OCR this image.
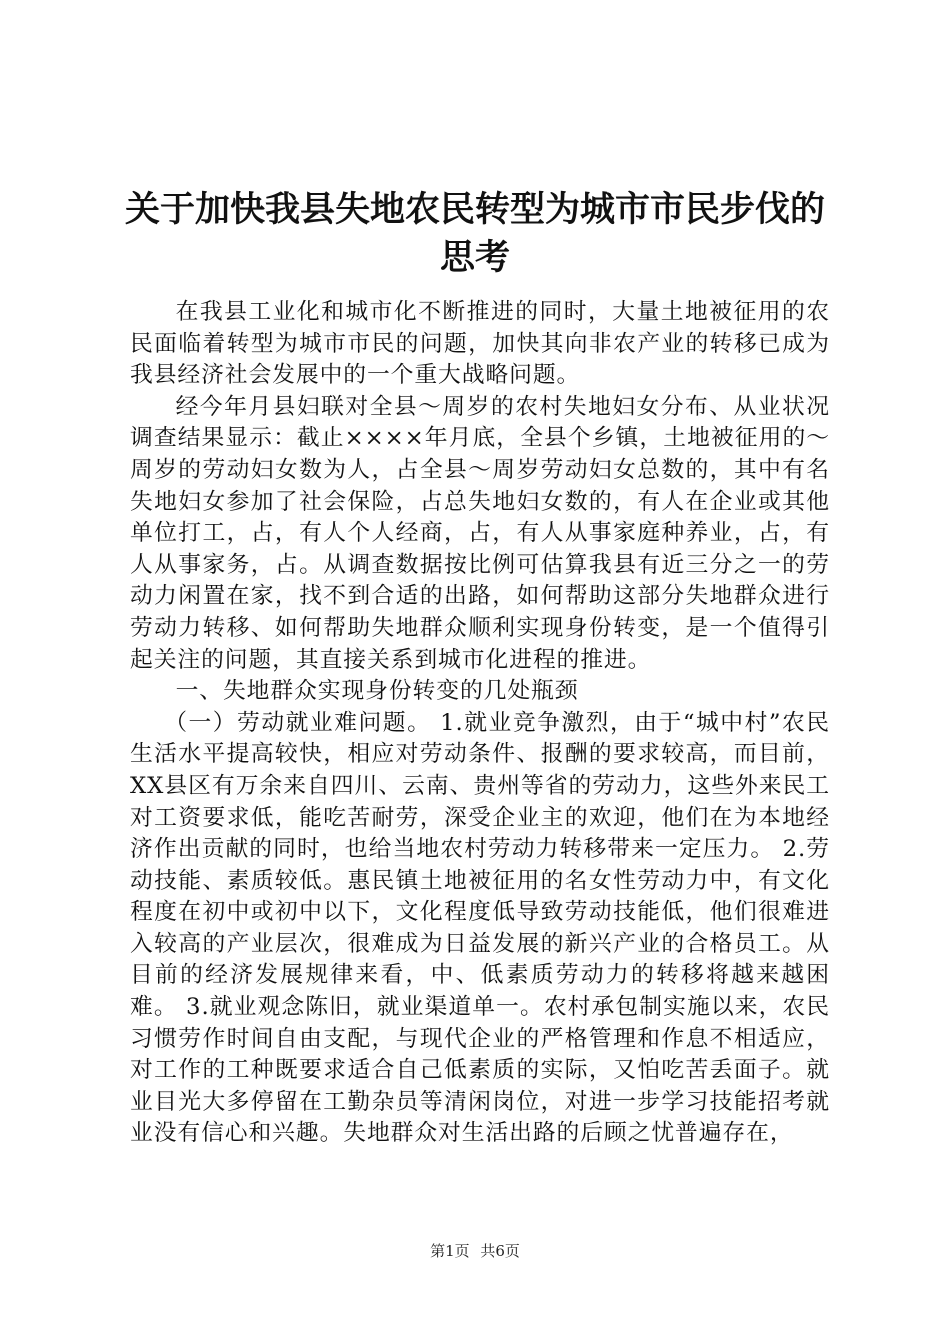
关于加快我县失地农民转型为城市市民步伐的
思考

在我县工业化和城市化不断推进的同时，大量土地被征用的农民面临着转型为城市市民的问题，加快其向非农产业的转移已成为我县经济社会发展中的一个重大战略问题。

经今年月县妇联对全县～周岁的农村失地妇女分布、从业状况调查结果显示：截止××××年月底，全县个乡镇，土地被征用的～周岁的劳动妇女数为人，占全县～周岁劳动妇女总数的，其中有名失地妇女参加了社会保险，占总失地妇女数的，有人在企业或其他单位打工，占，有人个人经商，占，有人从事家庭种养业，占，有人从事家务，占。从调查数据按比例可估算我县有近三分之一的劳动力闲置在家，找不到合适的出路，如何帮助这部分失地群众进行劳动力转移、如何帮助失地群众顺利实现身份转变，是一个值得引起关注的问题，其直接关系到城市化进程的推进。

一、失地群众实现身份转变的几处瓶颈

（一）劳动就业难问题。 1.就业竞争激烈，由于“城中村”农民生活水平提高较快，相应对劳动条件、报酬的要求较高，而目前，XX县区有万余来自四川、云南、贵州等省的劳动力，这些外来民工对工资要求低，能吃苦耐劳，深受企业主的欢迎，他们在为本地经济作出贡献的同时，也给当地农村劳动力转移带来一定压力。 2.劳动技能、素质较低。惠民镇土地被征用的名女性劳动力中，有文化程度在初中或初中以下，文化程度低导致劳动技能低，他们很难进入较高的产业层次，很难成为日益发展的新兴产业的合格员工。从目前的经济发展规律来看，中、低素质劳动力的转移将越来越困难。 3.就业观念陈旧，就业渠道单一。农村承包制实施以来，农民习惯劳作时间自由支配，与现代企业的严格管理和作息不相适应，对工作的工种既要求适合自己低素质的实际，又怕吃苦丢面子。就业目光大多停留在工勤杂员等清闲岗位，对进一步学习技能招考就业没有信心和兴趣。失地群众对生活出路的后顾之忧普遍存在，

第1页 共6页
